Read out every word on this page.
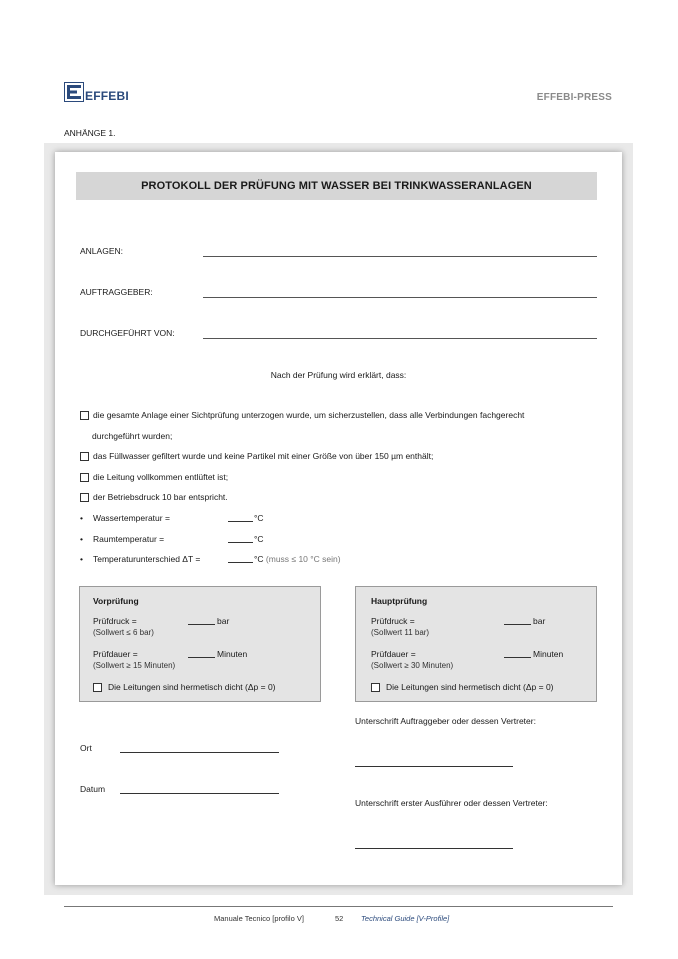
EFFEBI	EFFEBI-PRESS
ANHÄNGE 1.
PROTOKOLL DER PRÜFUNG MIT WASSER BEI TRINKWASSERANLAGEN
ANLAGEN:
AUFTRAGGEBER:
DURCHGEFÜHRT VON:
Nach der Prüfung wird erklärt, dass:
die gesamte Anlage einer Sichtprüfung unterzogen wurde, um sicherzustellen, dass alle Verbindungen fachgerecht
durchgeführt wurden;
das Füllwasser gefiltert wurde und keine Partikel mit einer Größe von über 150 µm enthält;
die Leitung vollkommen entlüftet ist;
der Betriebsdruck 10 bar entspricht.
• Wassertemperatur =	°C
• Raumtemperatur =	°C
• Temperaturunterschied ΔT =	°C (muss ≤ 10 °C sein)
Vorprüfung
Prüfdruck =	bar
(Sollwert ≤ 6 bar)
Prüfdauer =	Minuten
(Sollwert ≥ 15 Minuten)
Die Leitungen sind hermetisch dicht (Δp = 0)
Hauptprüfung
Prüfdruck =	bar
(Sollwert 11 bar)
Prüfdauer =	Minuten
(Sollwert ≥ 30 Minuten)
Die Leitungen sind hermetisch dicht (Δp = 0)
Unterschrift Auftraggeber oder dessen Vertreter:
Ort
Datum
Unterschrift erster Ausführer oder dessen Vertreter:
Manuale Tecnico [profilo V]	52 Technical Guide [V-Profile]
